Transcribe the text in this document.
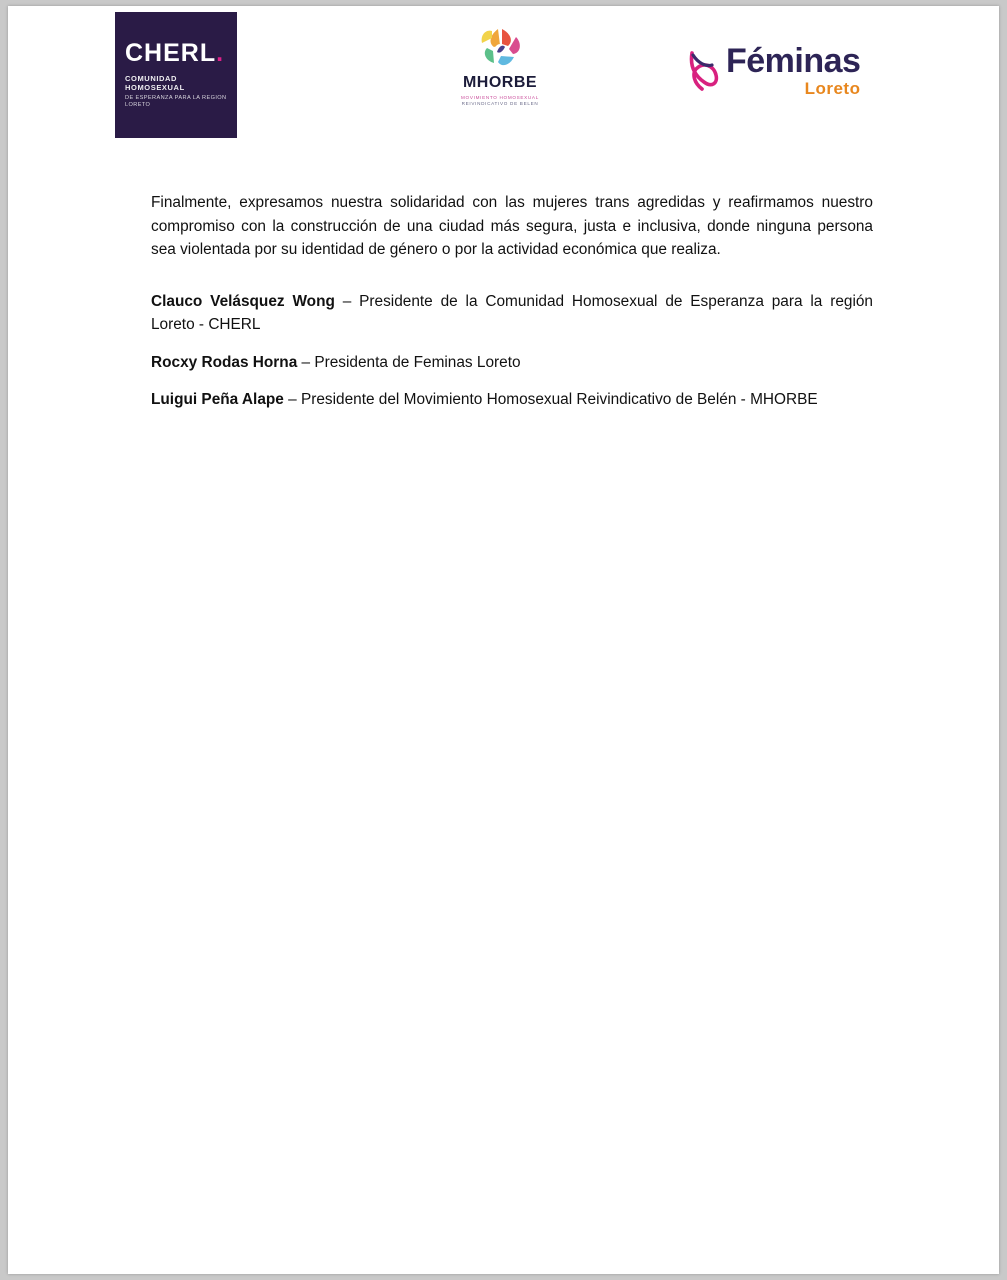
CHERL.
COMUNIDAD HOMOSEXUAL
DE ESPERANZA PARA LA REGION LORETO
MHORBE
MOVIMIENTO HOMOSEXUAL
REIVINDICATIVO DE BELEN
Féminas
Loreto

Finalmente, expresamos nuestra solidaridad con las mujeres trans agredidas y reafirmamos nuestro compromiso con la construcción de una ciudad más segura, justa e inclusiva, donde ninguna persona sea violentada por su identidad de género o por la actividad económica que realiza.

Clauco Velásquez Wong – Presidente de la Comunidad Homosexual de Esperanza para la región Loreto - CHERL

Rocxy Rodas Horna – Presidenta de Feminas Loreto

Luigui Peña Alape – Presidente del Movimiento Homosexual Reivindicativo de Belén - MHORBE
